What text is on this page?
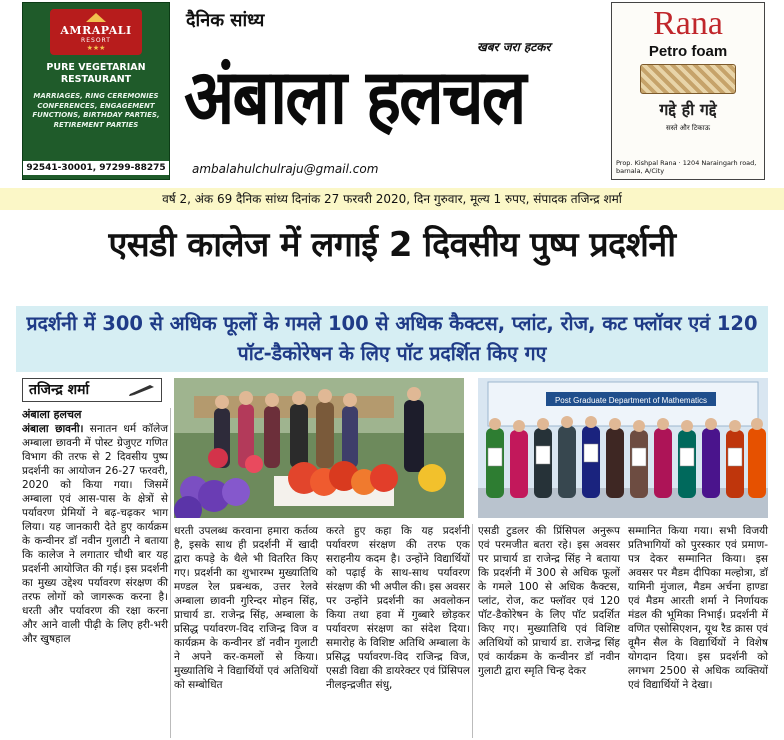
AMRAPALI
RESORT
★★★
PURE VEGETARIAN RESTAURANT
MARRIAGES, RING CEREMONIES CONFERENCES, ENGAGEMENT FUNCTIONS, BIRTHDAY PARTIES, RETIREMENT PARTIES
92541-30001, 97299-88275
दैनिक सांध्य
खबर जरा हटकर
अंबाला हलचल
ambalahulchulraju@gmail.com
Rana
Petro foam
गद्दे ही गद्दे
सस्ते और टिकाऊ
Prop. Kishpal Rana · 1204 Naraingarh road, barnala, A/City
वर्ष 2, अंक 69 दैनिक सांध्य दिनांक 27 फरवरी 2020, दिन गुरुवार, मूल्य 1 रुपए, संपादक तजिन्द्र शर्मा
एसडी कालेज में लगाई 2 दिवसीय पुष्प प्रदर्शनी
प्रदर्शनी में 300 से अधिक फूलों के गमले 100 से अधिक कैक्टस, प्लांट, रोज, कट फ्लॉवर एवं 120 पॉट-डैकोरेषन के लिए पॉट प्रदर्शित किए गए
तजिन्द्र शर्मा
Post Graduate Department of Mathematics
अंबाला हलचल

अंबाला छावनी। सनातन धर्म कॉलेज अम्बाला छावनी में पोस्ट ग्रेजुएट गणित विभाग की तरफ से 2 दिवसीय पुष्प प्रदर्शनी का आयोजन 26-27 फरवरी, 2020 को किया गया। जिसमें अम्बाला एवं आस-पास के क्षेत्रों से पर्यावरण प्रेमियों ने बढ़-चढ़कर भाग लिया। यह जानकारी देते हुए कार्यक्रम के कन्वीनर डॉ नवीन गुलाटी ने बताया कि कालेज ने लगातार चौथी बार यह प्रदर्शनी आयोजित की गई। इस प्रदर्शनी का मुख्य उद्देश्य पर्यावरण संरक्षण की तरफ लोगों को जागरूक करना है। धरती और पर्यावरण की रक्षा करना और आने वाली पीढ़ी के लिए हरी-भरी और खुषहाल

धरती उपलब्ध करवाना हमारा कर्तव्य है, इसके साथ ही प्रदर्शनी में खादी द्वारा कपड़े के थैले भी वितरित किए गए। प्रदर्शनी का शुभारम्भ मुख्यातिथि मण्डल रेल प्रबन्धक, उत्तर रेलवे अम्बाला छावनी गुरिन्दर मोहन सिंह, प्राचार्य डा. राजेन्द्र सिंह, अम्बाला के प्रसिद्ध पर्यावरण-विद राजिन्द्र विज व कार्यक्रम के कन्वीनर डॉ नवीन गुलाटी ने अपने कर-कमलों से किया। मुख्यातिथि ने विद्यार्थियों एवं अतिथियों को सम्बोधित

करते हुए कहा कि यह प्रदर्शनी पर्यावरण संरक्षण की तरफ एक सराहनीय कदम है। उन्होंने विद्यार्थियों को पढ़ाई के साथ-साथ पर्यावरण संरक्षण की भी अपील की। इस अवसर पर उन्होंने प्रदर्शनी का अवलोकन किया तथा हवा में गुब्बारे छोड़कर पर्यावरण संरक्षण का संदेश दिया। समारोह के विशिष्ट अतिथि अम्बाला के प्रसिद्ध पर्यावरण-विद राजिन्द्र विज, एसडी विद्या की डायरेक्टर एवं प्रिंसिपल नीलइन्द्रजीत संधु,

एसडी टुडलर की प्रिंसिपल अनुरूप एवं परमजीत बतरा रहे। इस अवसर पर प्राचार्य डा राजेन्द्र सिंह ने बताया कि प्रदर्शनी में 300 से अधिक फूलों के गमले 100 से अधिक कैक्टस, प्लांट, रोज, कट फ्लॉवर एवं 120 पॉट-डैकोरेषन के लिए पॉट प्रदर्शित किए गए। मुख्यातिथि एवं विशिष्ट अतिथियों को प्राचार्य डा. राजेन्द्र सिंह एवं कार्यक्रम के कन्वीनर डॉ नवीन गुलाटी द्वारा स्मृति चिन्ह देकर

सम्मानित किया गया। सभी विजयी प्रतिभागियों को पुरस्कार एवं प्रमाण-पत्र देकर सम्मानित किया। इस अवसर पर मैडम दीपिका मल्होत्रा, डॉ यामिनी मुंजाल, मैडम अर्चना हाण्डा एवं मैडम आरती शर्मा ने निर्णायक मंडल की भूमिका निभाई। प्रदर्शनी में वणित एसोसिएशन, यूथ रैड क्रास एवं वूमैन सैल के विद्यार्थियों ने विशेष योगदान दिया। इस प्रदर्शनी को लगभग 2500 से अधिक व्यक्तियों एवं विद्यार्थियों ने देखा।
